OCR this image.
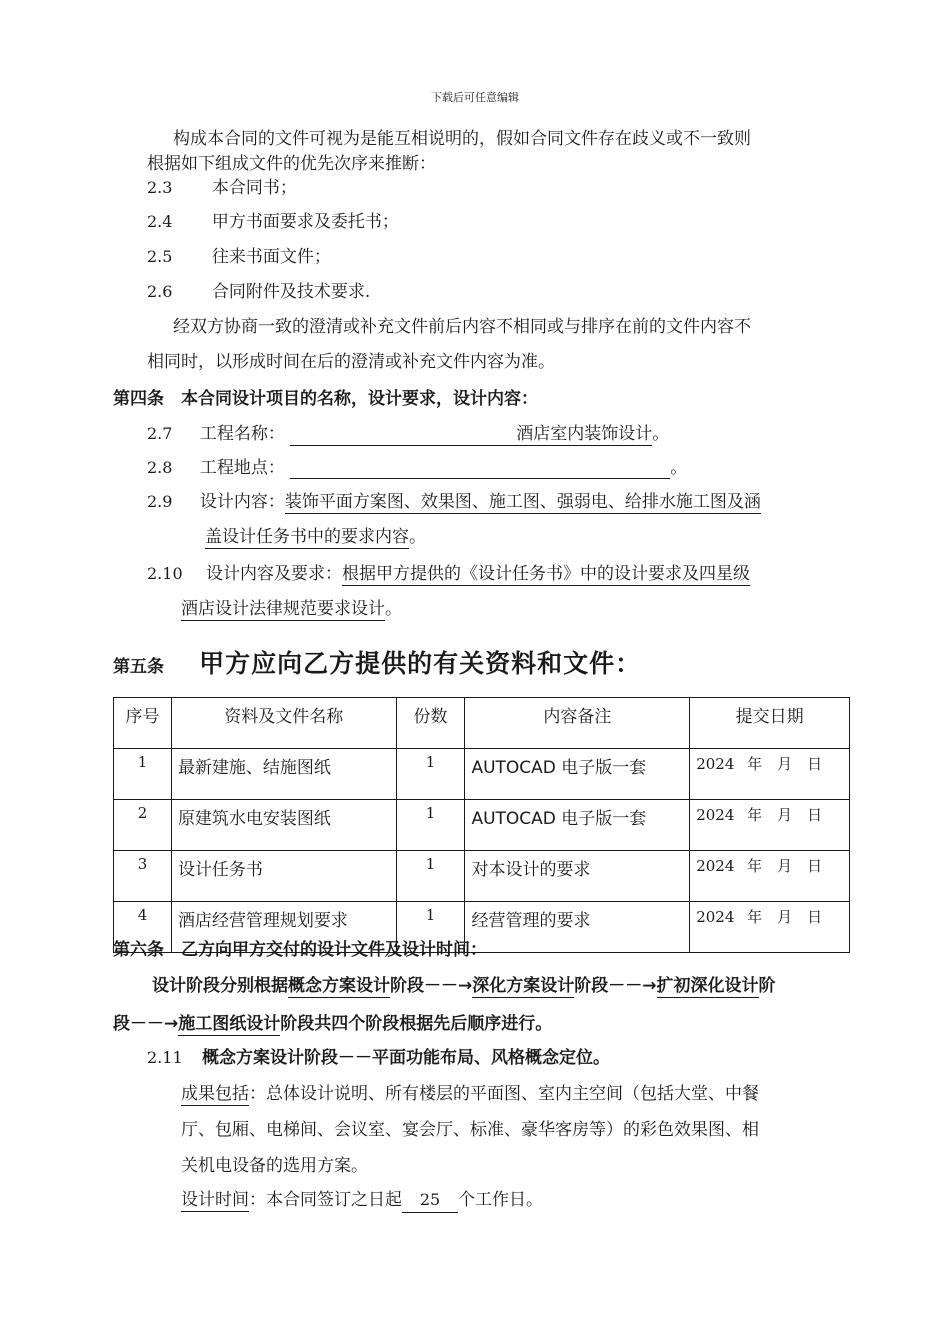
下载后可任意编辑
构成本合同的文件可视为是能互相说明的，假如合同文件存在歧义或不一致则
根据如下组成文件的优先次序来推断：
2.3 本合同书；
2.4 甲方书面要求及委托书；
2.5 往来书面文件；
2.6 合同附件及技术要求.
经双方协商一致的澄清或补充文件前后内容不相同或与排序在前的文件内容不
相同时，以形成时间在后的澄清或补充文件内容为准。
第四条　本合同设计项目的名称，设计要求，设计内容：
2.7 工程名称：	酒店室内装饰设计。
2.8 工程地点：	。
2.9 设计内容：装饰平面方案图、效果图、施工图、强弱电、给排水施工图及涵
盖设计任务书中的要求内容。
2.10 设计内容及要求：根据甲方提供的《设计任务书》中的设计要求及四星级
酒店设计法律规范要求设计。
第五条 甲方应向乙方提供的有关资料和文件：
序号	资料及文件名称	份数	内容备注	提交日期
1	最新建施、结施图纸	1	AUTOCAD 电子版一套	2024 年　月　日
2	原建筑水电安装图纸	1	AUTOCAD 电子版一套	2024 年　月　日
3	设计任务书	1	对本设计的要求	2024 年　月　日
4	酒店经营管理规划要求	1	经营管理的要求	2024 年　月　日
第六条　乙方向甲方交付的设计文件及设计时间：
设计阶段分别根据概念方案设计阶段－－→深化方案设计阶段－－→扩初深化设计阶
段－－→施工图纸设计阶段共四个阶段根据先后顺序进行。
2.11 概念方案设计阶段－－平面功能布局、风格概念定位。
成果包括：总体设计说明、所有楼层的平面图、室内主空间（包括大堂、中餐
厅、包厢、电梯间、会议室、宴会厅、标准、豪华客房等）的彩色效果图、相
关机电设备的选用方案。
设计时间：本合同签订之日起 25 个工作日。
